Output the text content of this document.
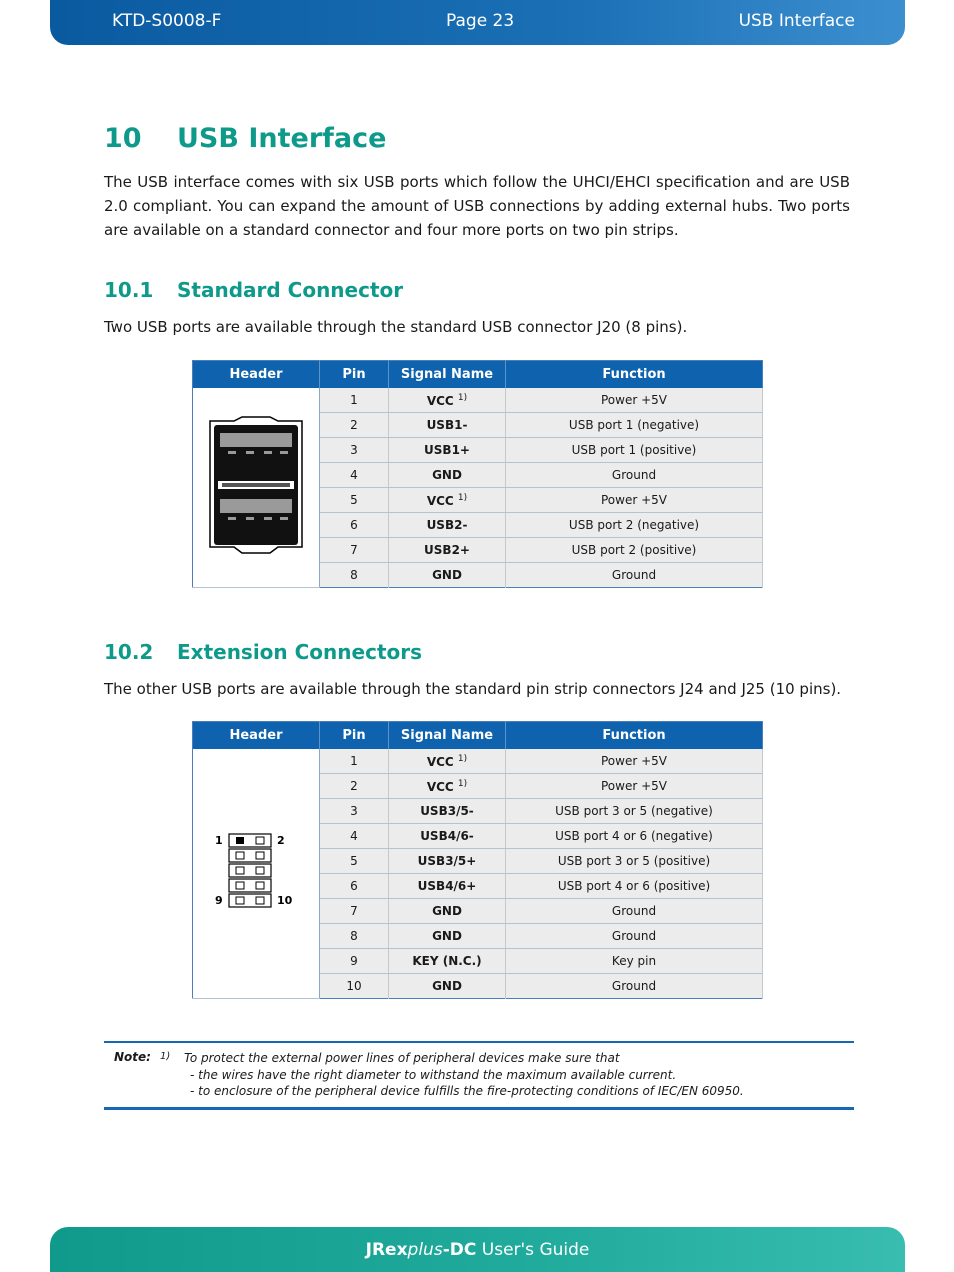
KTD-S0008-F	Page 23	USB Interface
10 USB Interface

The USB interface comes with six USB ports which follow the UHCI/EHCI specification and are USB 2.0 compliant. You can expand the amount of USB connections by adding external hubs. Two ports are available on a standard connector and four more ports on two pin strips.

10.1 Standard Connector

Two USB ports are available through the standard USB connector J20 (8 pins).

Header	Pin	Signal Name	Function
	1	VCC $^{1)}$	Power +5V
	2	USB1-	USB port 1 (negative)
	3	USB1+	USB port 1 (positive)
	4	GND	Ground
	5	VCC $^{1)}$	Power +5V
	6	USB2-	USB port 2 (negative)
	7	USB2+	USB port 2 (positive)
	8	GND	Ground
10.2 Extension Connectors

The other USB ports are available through the standard pin strip connectors J24 and J25 (10 pins).

Header	Pin	Signal Name	Function

1 2
9 10	1	VCC $^{1)}$	Power +5V
	2	VCC $^{1)}$	Power +5V
	3	USB3/5-	USB port 3 or 5 (negative)
	4	USB4/6-	USB port 4 or 6 (negative)
	5	USB3/5+	USB port 3 or 5 (positive)
	6	USB4/6+	USB port 4 or 6 (positive)
	7	GND	Ground
	8	GND	Ground
	9	KEY (N.C.)	Key pin
	10	GND	Ground
Note: 1) To protect the external power lines of peripheral devices make sure that
- the wires have the right diameter to withstand the maximum available current.
- to enclosure of the peripheral device fulfills the fire-protecting conditions of IEC/EN 60950.
JRexplus-DC User's Guide
